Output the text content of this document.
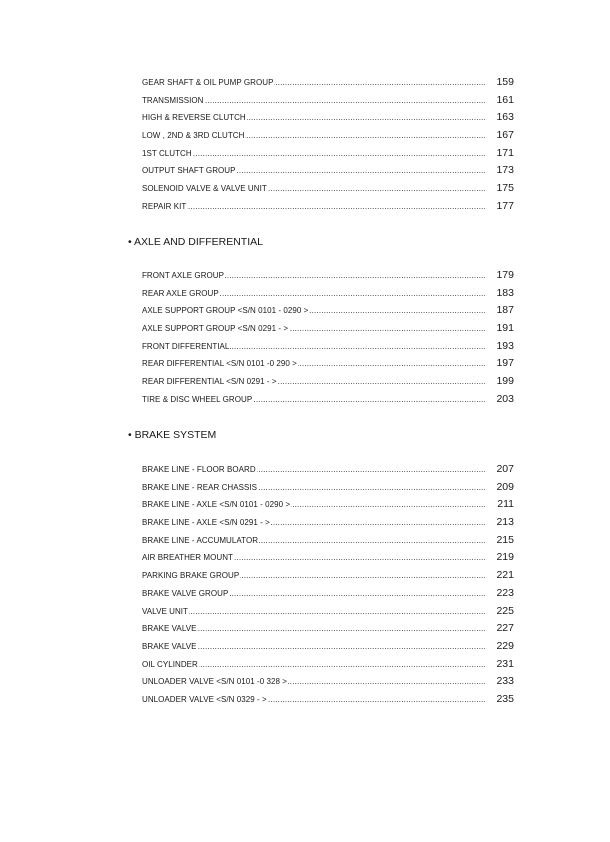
GEAR SHAFT & OIL PUMP GROUP .....	159
TRANSMISSION .....	161
HIGH & REVERSE CLUTCH .....	163
LOW , 2ND & 3RD CLUTCH .....	167
1ST CLUTCH .....	171
OUTPUT SHAFT GROUP .....	173
SOLENOID VALVE & VALVE UNIT .....	175
REPAIR KIT .....	177
• AXLE AND DIFFERENTIAL
FRONT AXLE GROUP .....	179
REAR AXLE GROUP .....	183
AXLE SUPPORT GROUP <S/N 0101 - 0290 > .....	187
AXLE SUPPORT GROUP <S/N 0291 - > .....	191
FRONT DIFFERENTIAL .....	193
REAR DIFFERENTIAL <S/N 0101 -0 290 > .....	197
REAR DIFFERENTIAL <S/N 0291 - > .....	199
TIRE & DISC WHEEL GROUP .....	203
• BRAKE SYSTEM
BRAKE LINE - FLOOR BOARD .....	207
BRAKE LINE - REAR CHASSIS .....	209
BRAKE LINE - AXLE <S/N 0101 - 0290 > .....	211
BRAKE LINE - AXLE <S/N 0291 - > .....	213
BRAKE LINE - ACCUMULATOR .....	215
AIR BREATHER MOUNT .....	219
PARKING BRAKE GROUP .....	221
BRAKE VALVE GROUP .....	223
VALVE UNIT .....	225
BRAKE VALVE .....	227
BRAKE VALVE .....	229
OIL CYLINDER .....	231
UNLOADER VALVE <S/N 0101 -0 328 > .....	233
UNLOADER VALVE <S/N 0329 - > .....	235
